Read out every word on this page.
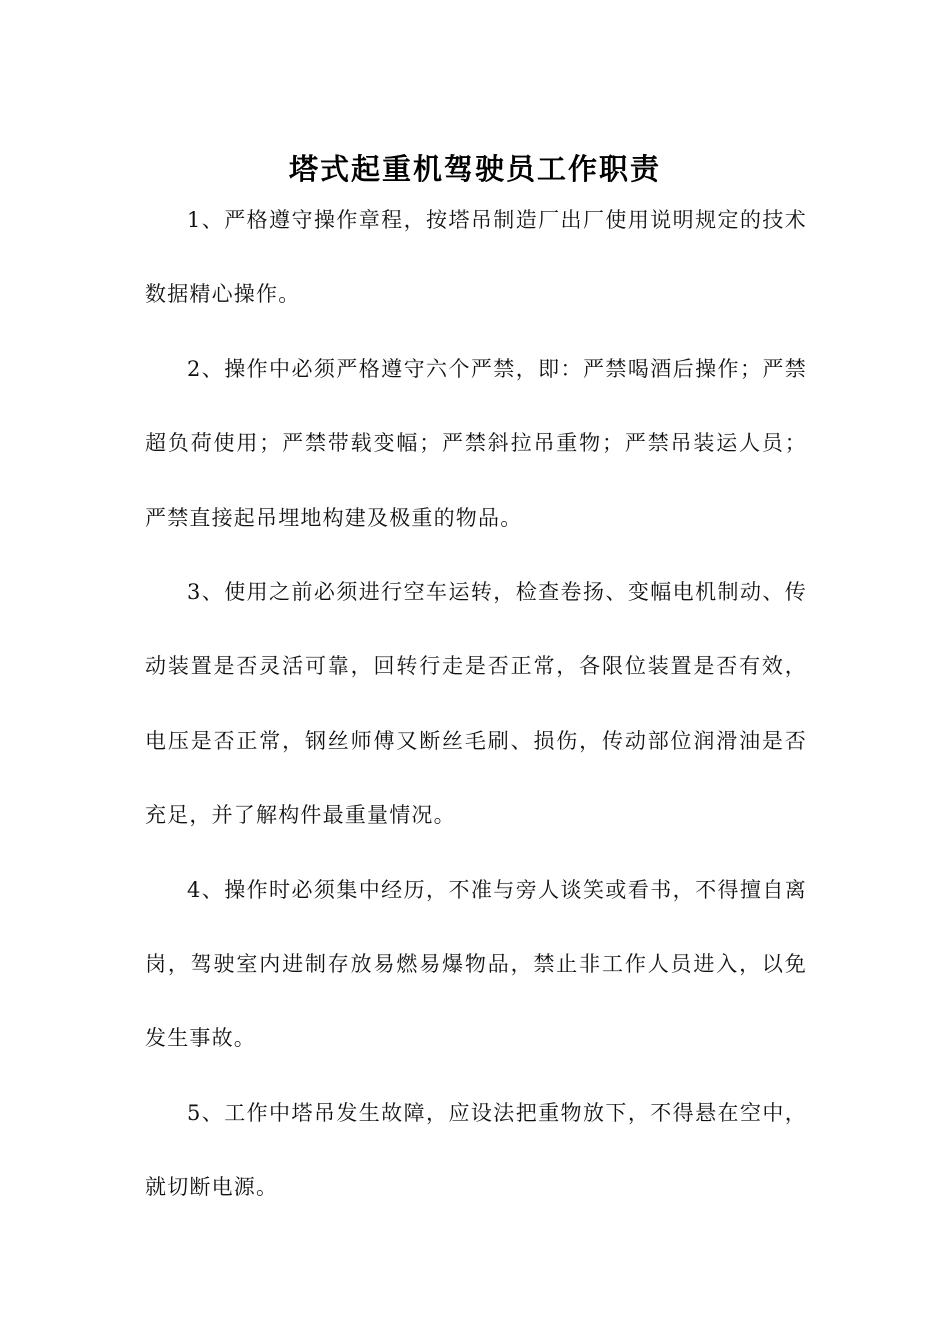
塔式起重机驾驶员工作职责

1、严格遵守操作章程，按塔吊制造厂出厂使用说明规定的技术数据精心操作。

2、操作中必须严格遵守六个严禁，即：严禁喝酒后操作；严禁超负荷使用；严禁带载变幅；严禁斜拉吊重物；严禁吊装运人员；严禁直接起吊埋地构建及极重的物品。

3、使用之前必须进行空车运转，检查卷扬、变幅电机制动、传动装置是否灵活可靠，回转行走是否正常，各限位装置是否有效，电压是否正常，钢丝师傅又断丝毛刷、损伤，传动部位润滑油是否充足，并了解构件最重量情况。

4、操作时必须集中经历，不准与旁人谈笑或看书，不得擅自离岗，驾驶室内进制存放易燃易爆物品，禁止非工作人员进入，以免发生事故。

5、工作中塔吊发生故障，应设法把重物放下，不得悬在空中，就切断电源。
